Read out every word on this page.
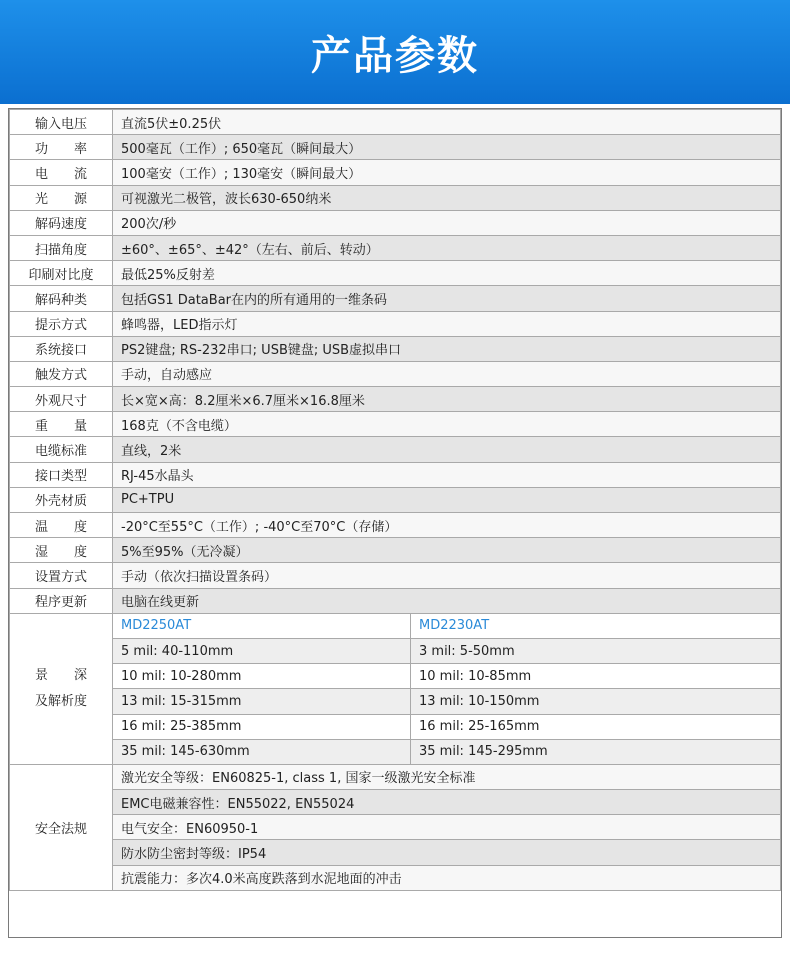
产品参数
输入电压	直流5伏±0.25伏	
功　　率	500毫瓦（工作）; 650毫瓦（瞬间最大）	
电　　流	100毫安（工作）; 130毫安（瞬间最大）	
光　　源	可视激光二极管，波长630-650纳米	
解码速度	200次/秒	
扫描角度	±60°、±65°、±42°（左右、前后、转动）	
印刷对比度	最低25%反射差	
解码种类	包括GS1 DataBar在内的所有通用的一维条码	
提示方式	蜂鸣器，LED指示灯	
系统接口	PS2键盘; RS-232串口; USB键盘; USB虚拟串口	
触发方式	手动，自动感应	
外观尺寸	长×宽×高：8.2厘米×6.7厘米×16.8厘米	
重　　量	168克（不含电缆）	
电缆标准	直线，2米	
接口类型	RJ-45水晶头	
外壳材质	PC+TPU	
温　　度	-20°C至55°C（工作）; -40°C至70°C（存储）	
湿　　度	5%至95%（无冷凝）	
设置方式	手动（依次扫描设置条码）	
程序更新	电脑在线更新	

景　　深
及解析度	MD2250AT	MD2230AT
	5 mil: 40-110mm	3 mil: 5-50mm
	10 mil: 10-280mm	10 mil: 10-85mm
	13 mil: 15-315mm	13 mil: 10-150mm
	16 mil: 25-385mm	16 mil: 25-165mm
	35 mil: 145-630mm	35 mil: 145-295mm
安全法规	激光安全等级：EN60825-1, class 1, 国家一级激光安全标准	
	EMC电磁兼容性：EN55022, EN55024	
	电气安全：EN60950-1	
	防水防尘密封等级：IP54	
	抗震能力：多次4.0米高度跌落到水泥地面的冲击	
